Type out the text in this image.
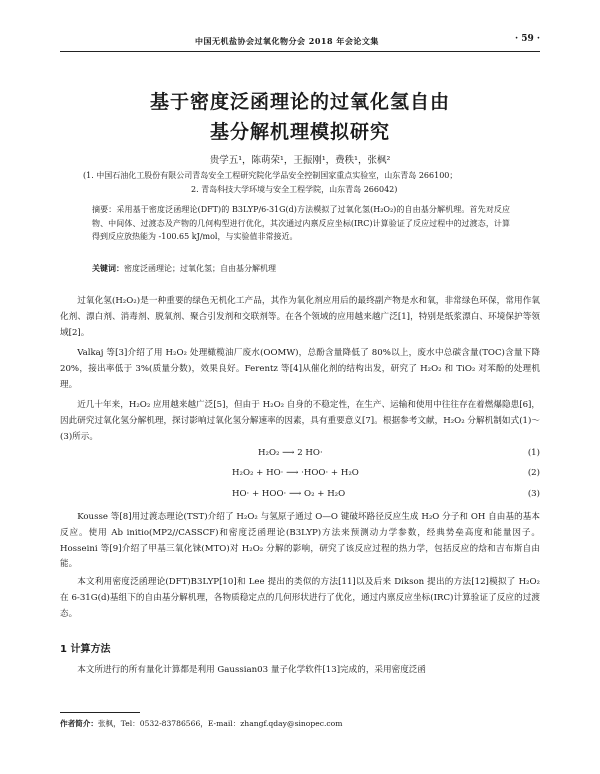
中国无机盐协会过氧化物分会 2018 年会论文集	· 59 ·
基于密度泛函理论的过氧化氢自由
基分解机理模拟研究
贵学五¹，陈萌荣¹，王振刚¹，费秩¹，张枫²
(1. 中国石油化工股份有限公司青岛安全工程研究院化学品安全控制国家重点实验室，山东青岛 266100；
2. 青岛科技大学环境与安全工程学院，山东青岛 266042)
摘要：采用基于密度泛函理论(DFT)的 B3LYP/6-31G(d)方法模拟了过氧化氢(H₂O₂)的自由基分解机理。首先对反应物、中间体、过渡态及产物的几何构型进行优化，其次通过内禀反应坐标(IRC)计算验证了反应过程中的过渡态，计算得到反应放热能为 -100.65 kJ/mol，与实验值非常接近。
关键词：密度泛函理论；过氧化氢；自由基分解机理

过氧化氢(H₂O₂)是一种重要的绿色无机化工产品，其作为氧化剂应用后的最终副产物是水和氧，非常绿色环保，常用作氧化剂、漂白剂、消毒剂、脱氧剂、聚合引发剂和交联剂等。在各个领域的应用越来越广泛[1]，特别是纸浆漂白、环境保护等领域[2]。

Valkaj 等[3]介绍了用 H₂O₂ 处理橄榄油厂废水(OOMW)，总酚含量降低了 80%以上，废水中总碳含量(TOC)含量下降 20%，接出率低于 3%(质量分数)，效果良好。Ferentz 等[4]从催化剂的结构出发，研究了 H₂O₂ 和 TiO₂ 对苯酚的处理机理。

近几十年来，H₂O₂ 应用越来越广泛[5]，但由于 H₂O₂ 自身的不稳定性，在生产、运输和使用中往往存在着燃爆隐患[6]，因此研究过氧化氢分解机理，探讨影响过氧化氢分解速率的因素，具有重要意义[7]。根据参考文献，H₂O₂ 分解机制如式(1)～(3)所示。

H₂O₂ ⟶ 2 HO·	(1)
H₂O₂ + HO· ⟶ ·HOO· + H₂O	(2)
HO· + HOO· ⟶ O₂ + H₂O	(3)

Kousse 等[8]用过渡态理论(TST)介绍了 H₂O₂ 与氢原子通过 O—O 键破坏路径反应生成 H₂O 分子和 OH 自由基的基本反应。使用 Ab initio(MP2//CASSCF)和密度泛函理论(B3LYP)方法来预测动力学参数，经典势垒高度和能量因子。Hosseini 等[9]介绍了甲基三氧化铼(MTO)对 H₂O₂ 分解的影响，研究了该反应过程的热力学，包括反应的焓和吉布斯自由能。

本文利用密度泛函理论(DFT)B3LYP[10]和 Lee 提出的类似的方法[11]以及后来 Dikson 提出的方法[12]模拟了 H₂O₂ 在 6-31G(d)基组下的自由基分解机理，各物质稳定点的几何形状进行了优化，通过内禀反应坐标(IRC)计算验证了反应的过渡态。

1 计算方法

本文所进行的所有量化计算都是利用 Gaussian03 量子化学软件[13]完成的，采用密度泛函

作者简介：张枫，Tel：0532-83786566，E-mail：zhangf.qday@sinopec.com
